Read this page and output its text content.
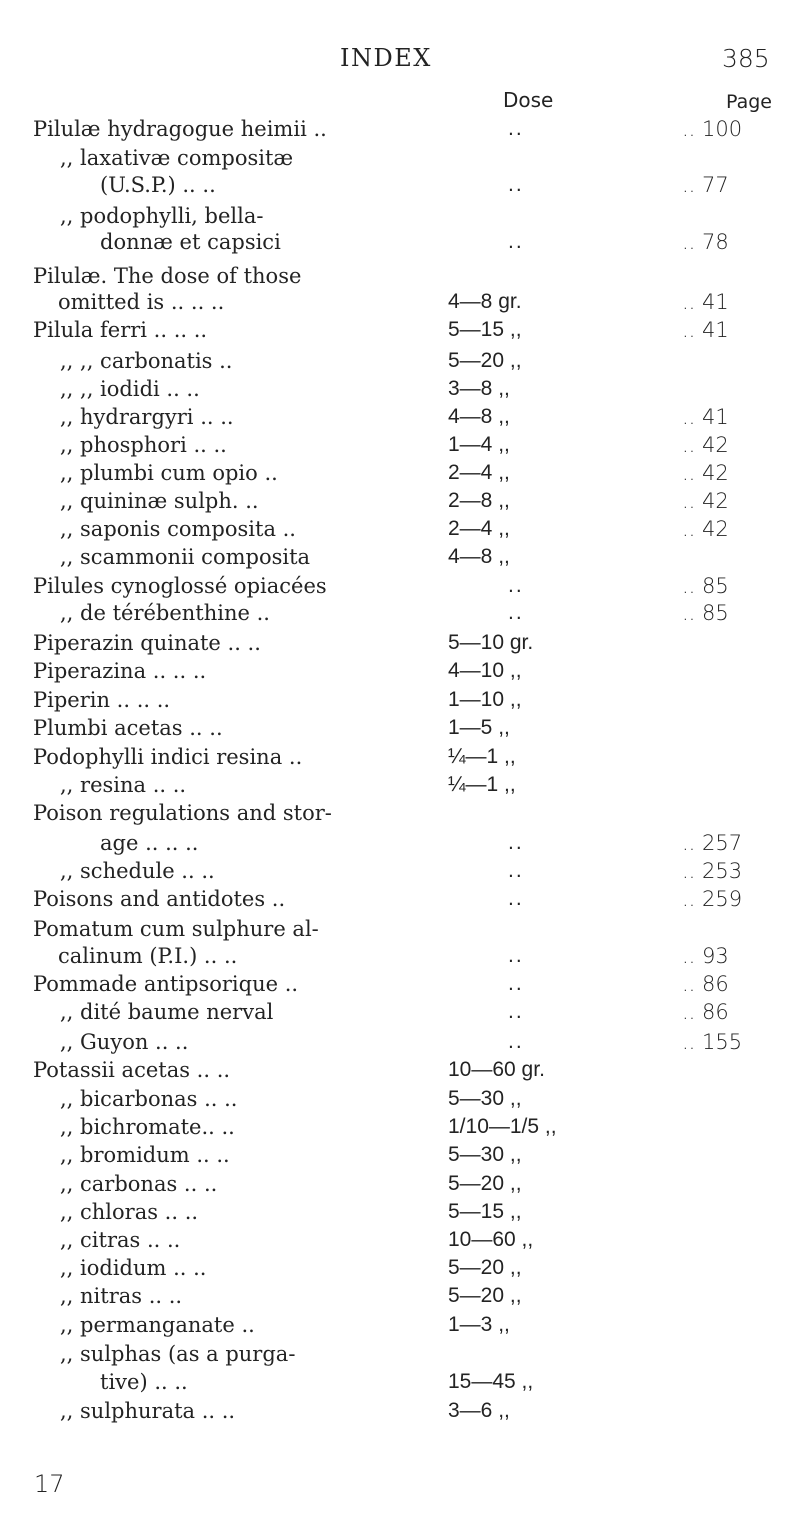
INDEX	385
Dose	Page
Pilulæ hydragogue heimii ..	..	.. 100
,, laxativæ compositæ
(U.S.P.) .. ..	..	.. 77
,, podophylli, bella-
donnæ et capsici	..	.. 78
Pilulæ. The dose of those
omitted is .. .. ..	4—8 gr.	.. 41
Pilula ferri .. .. ..	5—15 ,,	.. 41
,, ,, carbonatis ..	5—20 ,,
,, ,, iodidi .. ..	3—8 ,,
,, hydrargyri .. ..	4—8 ,,	.. 41
,, phosphori .. ..	1—4 ,,	.. 42
,, plumbi cum opio ..	2—4 ,,	.. 42
,, quininæ sulph. ..	2—8 ,,	.. 42
,, saponis composita ..	2—4 ,,	.. 42
,, scammonii composita	4—8 ,,
Pilules cynoglossé opiacées	..	.. 85
,, de térébenthine ..	..	.. 85
Piperazin quinate .. ..	5—10 gr.
Piperazina .. .. ..	4—10 ,,
Piperin .. .. ..	1—10 ,,
Plumbi acetas .. ..	1—5 ,,
Podophylli indici resina ..	¼—1 ,,
,, resina .. ..	¼—1 ,,
Poison regulations and stor-
age .. .. ..	..	.. 257
,, schedule .. ..	..	.. 253
Poisons and antidotes ..	..	.. 259
Pomatum cum sulphure al-
calinum (P.I.) .. ..	..	.. 93
Pommade antipsorique ..	..	.. 86
,, dité baume nerval	..	.. 86
,, Guyon .. ..	..	.. 155
Potassii acetas .. ..	10—60 gr.
,, bicarbonas .. ..	5—30 ,,
,, bichromate.. ..	1/10—1/5 ,,
,, bromidum .. ..	5—30 ,,
,, carbonas .. ..	5—20 ,,
,, chloras .. ..	5—15 ,,
,, citras .. ..	10—60 ,,
,, iodidum .. ..	5—20 ,,
,, nitras .. ..	5—20 ,,
,, permanganate ..	1—3 ,,
,, sulphas (as a purga-
tive) .. ..	15—45 ,,
,, sulphurata .. ..	3—6 ,,
17
